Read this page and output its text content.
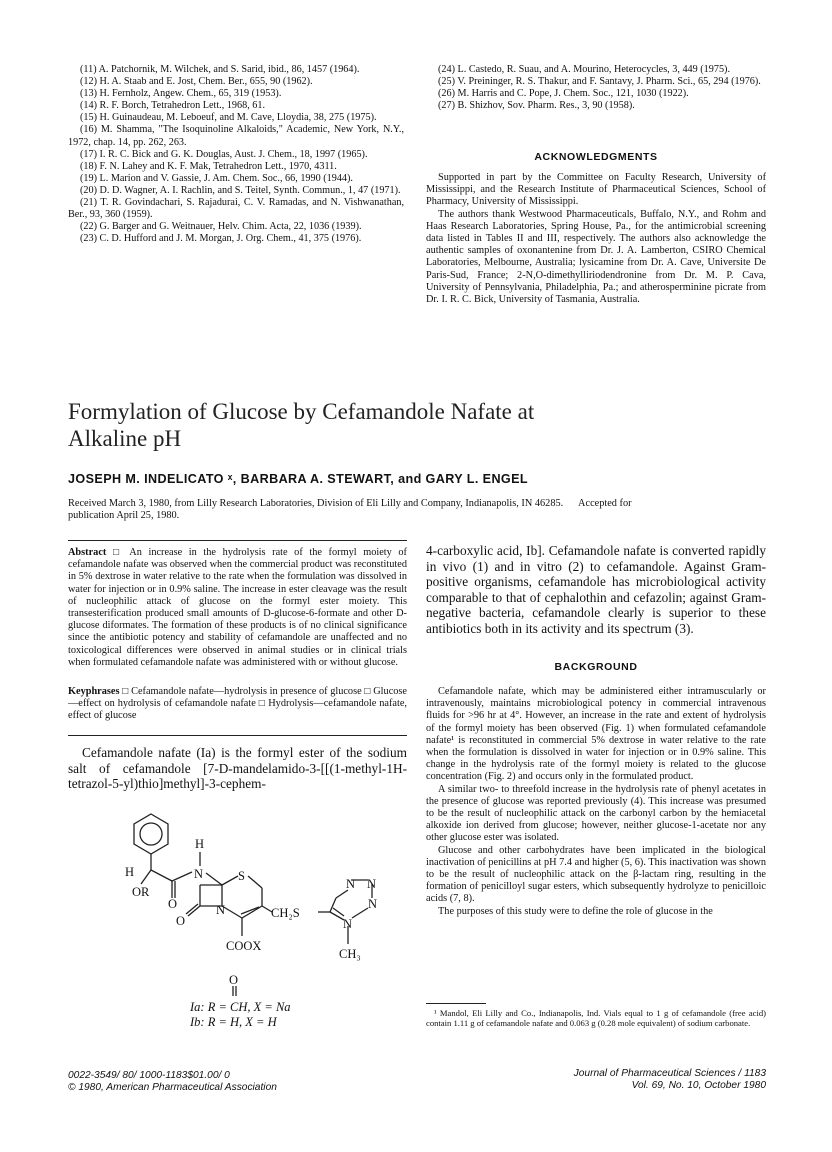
(11) A. Patchornik, M. Wilchek, and S. Sarid, ibid., 86, 1457 (1964).
(12) H. A. Staab and E. Jost, Chem. Ber., 655, 90 (1962).
(13) H. Fernholz, Angew. Chem., 65, 319 (1953).
(14) R. F. Borch, Tetrahedron Lett., 1968, 61.
(15) H. Guinaudeau, M. Leboeuf, and M. Cave, Lloydia, 38, 275 (1975).
(16) M. Shamma, "The Isoquinoline Alkaloids," Academic, New York, N.Y., 1972, chap. 14, pp. 262, 263.
(17) I. R. C. Bick and G. K. Douglas, Aust. J. Chem., 18, 1997 (1965).
(18) F. N. Lahey and K. F. Mak, Tetrahedron Lett., 1970, 4311.
(19) L. Marion and V. Gassie, J. Am. Chem. Soc., 66, 1990 (1944).
(20) D. D. Wagner, A. I. Rachlin, and S. Teitel, Synth. Commun., 1, 47 (1971).
(21) T. R. Govindachari, S. Rajadurai, C. V. Ramadas, and N. Vishwanathan, Ber., 93, 360 (1959).
(22) G. Barger and G. Weitnauer, Helv. Chim. Acta, 22, 1036 (1939).
(23) C. D. Hufford and J. M. Morgan, J. Org. Chem., 41, 375 (1976).
(24) L. Castedo, R. Suau, and A. Mourino, Heterocycles, 3, 449 (1975).
(25) V. Preininger, R. S. Thakur, and F. Santavy, J. Pharm. Sci., 65, 294 (1976).
(26) M. Harris and C. Pope, J. Chem. Soc., 121, 1030 (1922).
(27) B. Shizhov, Sov. Pharm. Res., 3, 90 (1958).
ACKNOWLEDGMENTS

Supported in part by the Committee on Faculty Research, University of Mississippi, and the Research Institute of Pharmaceutical Sciences, School of Pharmacy, University of Mississippi.

The authors thank Westwood Pharmaceuticals, Buffalo, N.Y., and Rohm and Haas Research Laboratories, Spring House, Pa., for the antimicrobial screening data listed in Tables II and III, respectively. The authors also acknowledge the authentic samples of oxonantenine from Dr. J. A. Lamberton, CSIRO Chemical Laboratories, Melbourne, Australia; lysicamine from Dr. A. Cave, Universite De Paris-Sud, France; 2-N,O-dimethylliriodendronine from Dr. M. P. Cava, University of Pennsylvania, Philadelphia, Pa.; and atherosperminine picrate from Dr. I. R. C. Bick, University of Tasmania, Australia.

Formylation of Glucose by Cefamandole Nafate at
Alkaline pH
JOSEPH M. INDELICATO ˣ, BARBARA A. STEWART, and GARY L. ENGEL
Received March 3, 1980, from Lilly Research Laboratories, Division of Eli Lilly and Company, Indianapolis, IN 46285.      Accepted for
publication April 25, 1980.
Abstract □ An increase in the hydrolysis rate of the formyl moiety of cefamandole nafate was observed when the commercial product was reconstituted in 5% dextrose in water relative to the rate when the formulation was dissolved in water for injection or in 0.9% saline. The increase in ester cleavage was the result of nucleophilic attack of glucose on the formyl ester moiety. This transesterification produced small amounts of D-glucose-6-formate and other D-glucose diformates. The formation of these products is of no clinical significance since the antibiotic potency and stability of cefamandole are unaffected and no toxicological differences were observed in animal studies or in clinical trials when formulated cefamandole nafate was administered with or without glucose.
Keyphrases □ Cefamandole nafate—hydrolysis in presence of glucose □ Glucose—effect on hydrolysis of cefamandole nafate □ Hydrolysis—cefamandole nafate, effect of glucose
Cefamandole nafate (Ia) is the formyl ester of the sodium salt of cefamandole [7-D-mandelamido-3-[[(1-methyl-1H-tetrazol-5-yl)thio]methyl]-3-cephem-
H
N
H
OR
O
S
O
N	CH₂S
COOX
N N
N
N
CH₃
O
Ia: R = CH, X = Na
Ib: R = H, X = H
4-carboxylic acid, Ib]. Cefamandole nafate is converted rapidly in vivo (1) and in vitro (2) to cefamandole. Against Gram-positive organisms, cefamandole has microbiological activity comparable to that of cephalothin and cefazolin; against Gram-negative bacteria, cefamandole clearly is superior to these antibiotics both in its activity and its spectrum (3).
BACKGROUND

Cefamandole nafate, which may be administered either intramuscularly or intravenously, maintains microbiological potency in commercial intravenous fluids for >96 hr at 4°. However, an increase in the rate and extent of hydrolysis of the formyl moiety has been observed (Fig. 1) when formulated cefamandole nafate¹ is reconstituted in commercial 5% dextrose in water relative to the rate when the formulation is dissolved in water for injection or in 0.9% saline. This change in the hydrolysis rate of the formyl moiety is related to the glucose concentration (Fig. 2) and occurs only in the formulated product.

A similar two- to threefold increase in the hydrolysis rate of phenyl acetates in the presence of glucose was reported previously (4). This increase was presumed to be the result of nucleophilic attack on the carbonyl carbon by the hemiacetal alkoxide ion derived from glucose; however, neither glucose-1-acetate nor any other glucose ester was isolated.

Glucose and other carbohydrates have been implicated in the biological inactivation of penicillins at pH 7.4 and higher (5, 6). This inactivation was shown to be the result of nucleophilic attack on the β-lactam ring, resulting in the formation of penicilloyl sugar esters, which subsequently hydrolyze to penicilloic acids (7, 8).

The purposes of this study were to define the role of glucose in the

¹ Mandol, Eli Lilly and Co., Indianapolis, Ind. Vials equal to 1 g of cefamandole (free acid) contain 1.11 g of cefamandole nafate and 0.063 g (0.28 mole equivalent) of sodium carbonate.
0022-3549/ 80/ 1000-1183$01.00/ 0
© 1980, American Pharmaceutical Association
Journal of Pharmaceutical Sciences / 1183
Vol. 69, No. 10, October 1980
